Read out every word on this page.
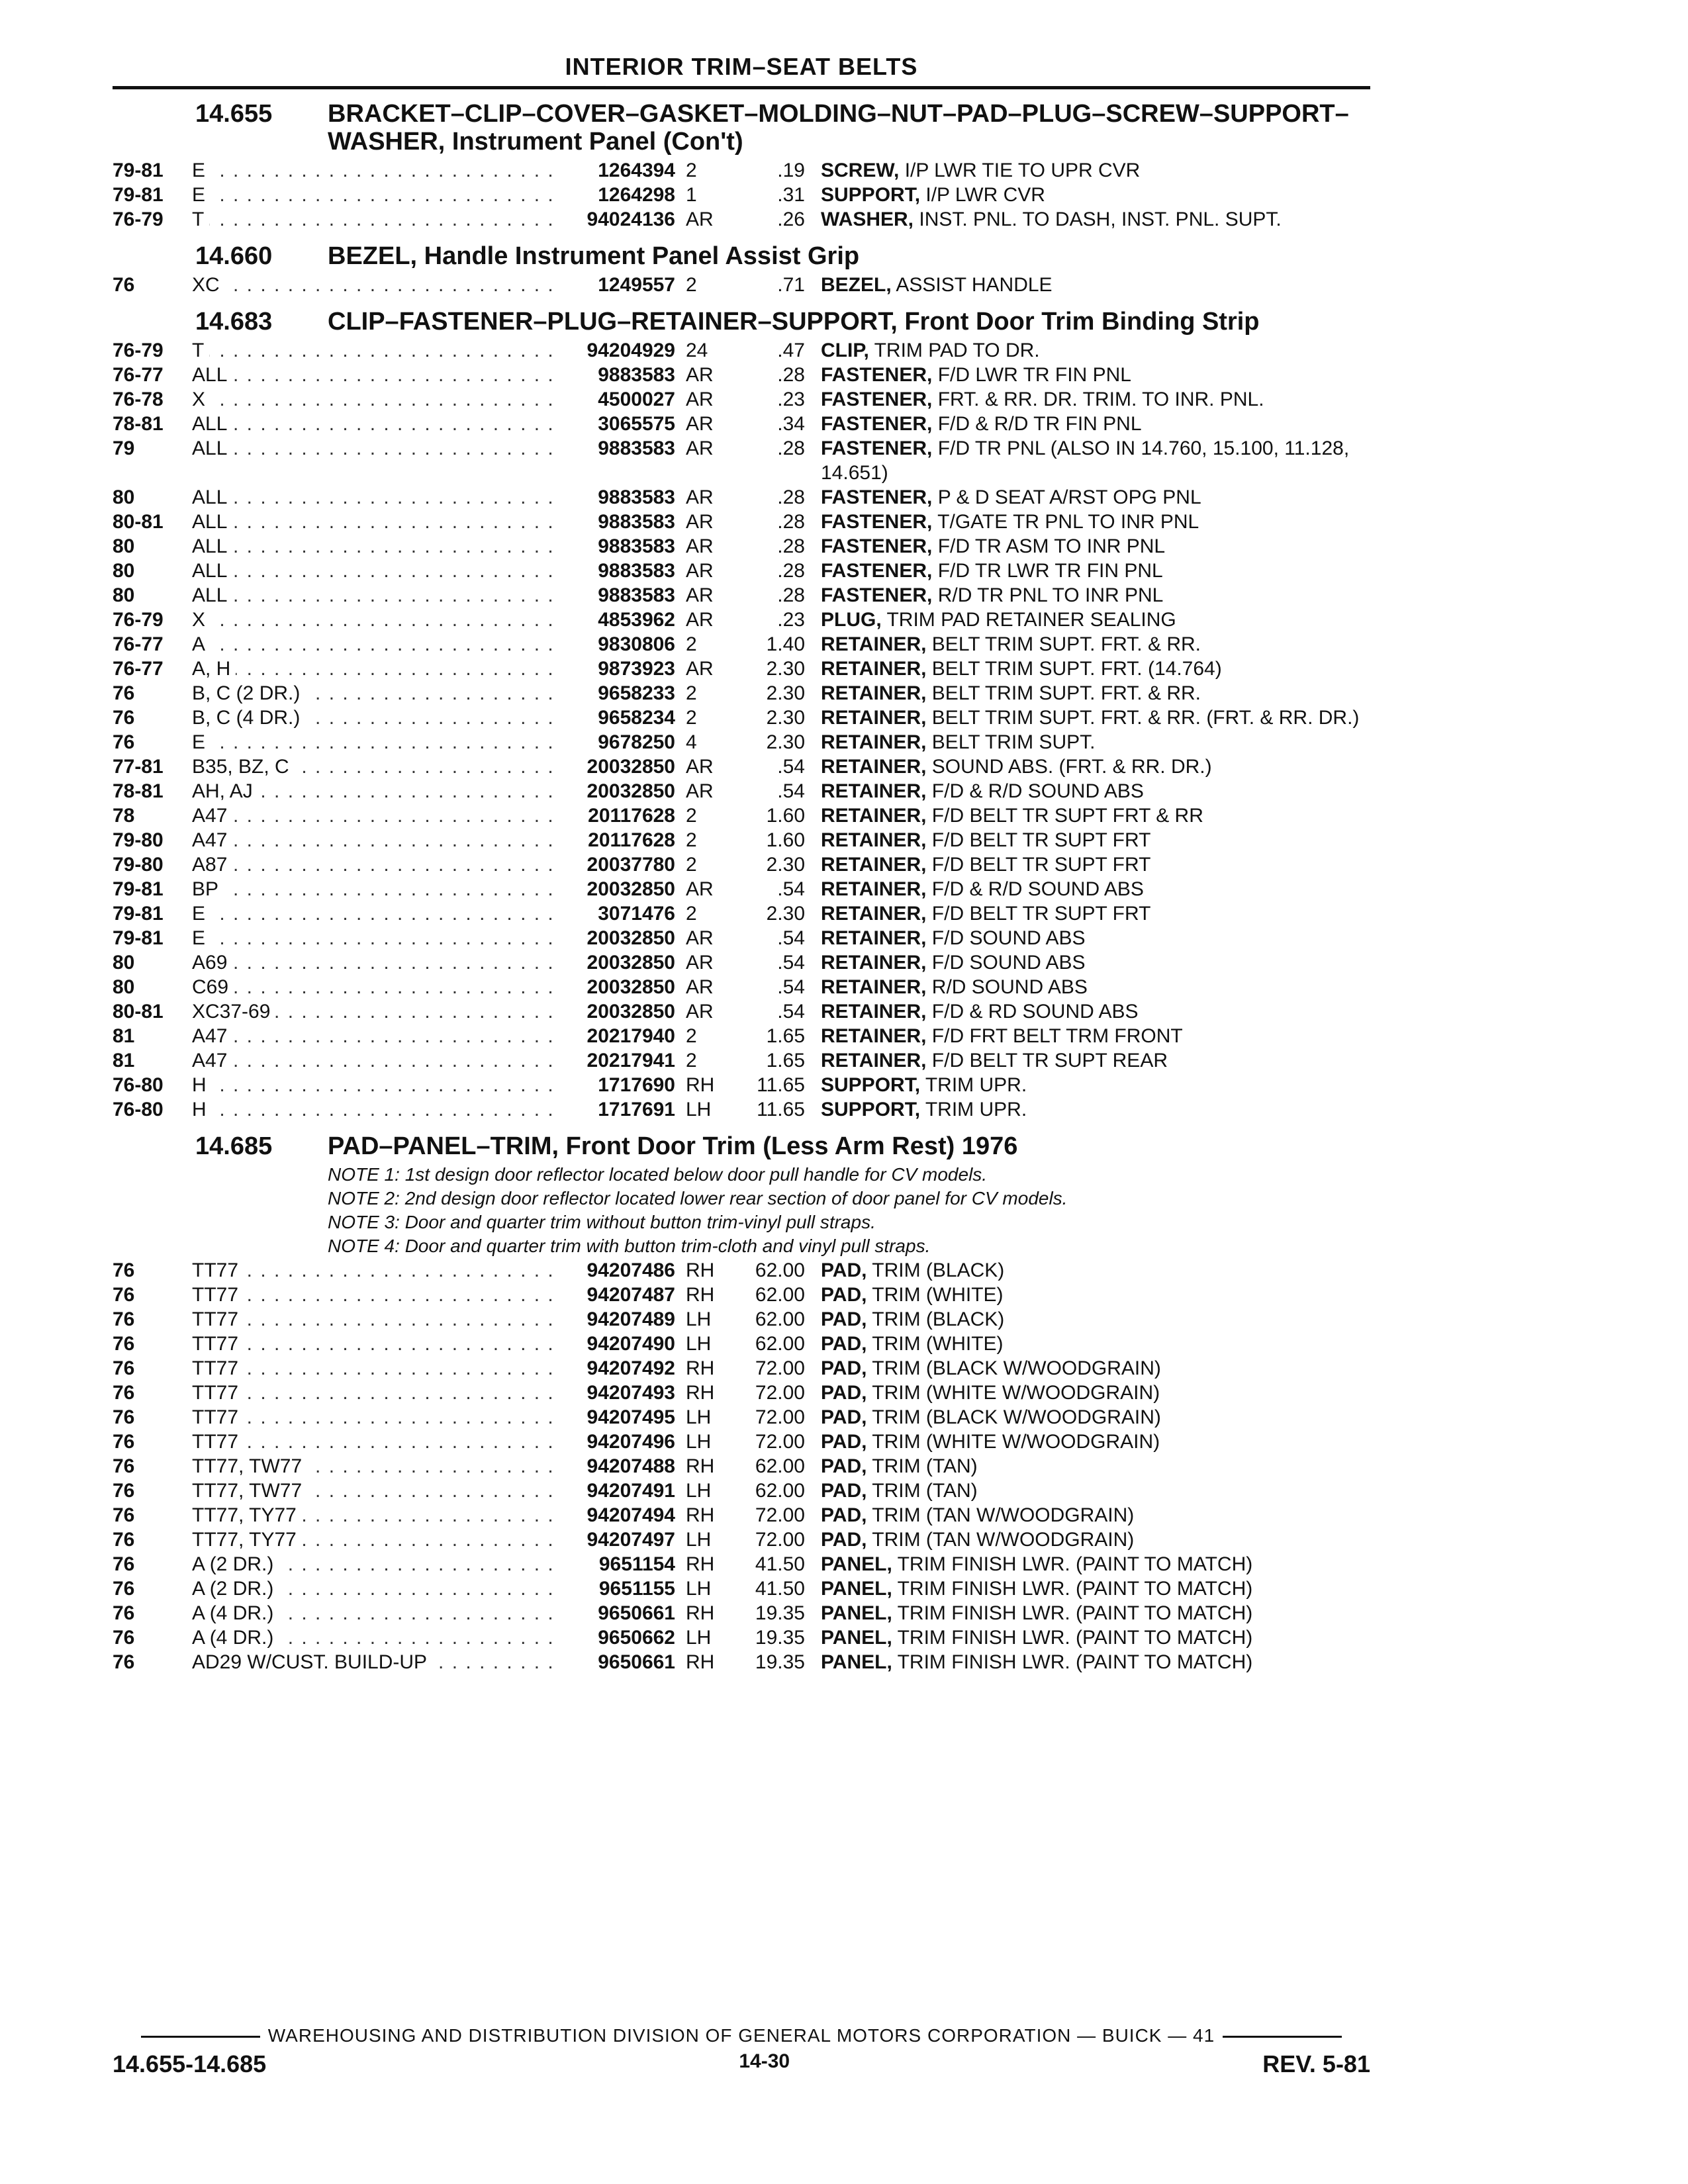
INTERIOR TRIM–SEAT BELTS
14.655	BRACKET–CLIP–COVER–GASKET–MOLDING–NUT–PAD–PLUG–SCREW–SUPPORT–WASHER, Instrument Panel (Con't)
79-81	E . . .	1264394 2	.19 SCREW, I/P LWR TIE TO UPR CVR
79-81	E . . .	1264298 1	.31 SUPPORT, I/P LWR CVR
76-79	T . . .	94024136 AR	.26 WASHER, INST. PNL. TO DASH, INST. PNL. SUPT.
14.660	BEZEL, Handle Instrument Panel Assist Grip
76	XC . . .	1249557 2	.71 BEZEL, ASSIST HANDLE
14.683	CLIP–FASTENER–PLUG–RETAINER–SUPPORT, Front Door Trim Binding Strip
76-79	T . . .	94204929 24	.47 CLIP, TRIM PAD TO DR.
76-77	ALL . . .	9883583 AR	.28 FASTENER, F/D LWR TR FIN PNL
76-78	X . . .	4500027 AR	.23 FASTENER, FRT. & RR. DR. TRIM. TO INR. PNL.
78-81	ALL . . .	3065575 AR	.34 FASTENER, F/D & R/D TR FIN PNL
79	ALL . . .	9883583 AR	.28 FASTENER, F/D TR PNL (ALSO IN 14.760, 15.100, 11.128, 14.651)
80	ALL . . .	9883583 AR	.28 FASTENER, P & D SEAT A/RST OPG PNL
80-81	ALL . . .	9883583 AR	.28 FASTENER, T/GATE TR PNL TO INR PNL
80	ALL . . .	9883583 AR	.28 FASTENER, F/D TR ASM TO INR PNL
80	ALL . . .	9883583 AR	.28 FASTENER, F/D TR LWR TR FIN PNL
80	ALL . . .	9883583 AR	.28 FASTENER, R/D TR PNL TO INR PNL
76-79	X . . .	4853962 AR	.23 PLUG, TRIM PAD RETAINER SEALING
76-77	A . . .	9830806 2	1.40 RETAINER, BELT TRIM SUPT. FRT. & RR.
76-77	A, H . . .	9873923 AR	2.30 RETAINER, BELT TRIM SUPT. FRT. (14.764)
76	B, C (2 DR.) . . .	9658233 2	2.30 RETAINER, BELT TRIM SUPT. FRT. & RR.
76	B, C (4 DR.) . . .	9658234 2	2.30 RETAINER, BELT TRIM SUPT. FRT. & RR. (FRT. & RR. DR.)
76	E . . .	9678250 4	2.30 RETAINER, BELT TRIM SUPT.
77-81	B35, BZ, C . . .	20032850 AR	.54 RETAINER, SOUND ABS. (FRT. & RR. DR.)
78-81	AH, AJ . . .	20032850 AR	.54 RETAINER, F/D & R/D SOUND ABS
78	A47 . . .	20117628 2	1.60 RETAINER, F/D BELT TR SUPT FRT & RR
79-80	A47 . . .	20117628 2	1.60 RETAINER, F/D BELT TR SUPT FRT
79-80	A87 . . .	20037780 2	2.30 RETAINER, F/D BELT TR SUPT FRT
79-81	BP . . .	20032850 AR	.54 RETAINER, F/D & R/D SOUND ABS
79-81	E . . .	3071476 2	2.30 RETAINER, F/D BELT TR SUPT FRT
79-81	E . . .	20032850 AR	.54 RETAINER, F/D SOUND ABS
80	A69 . . .	20032850 AR	.54 RETAINER, F/D SOUND ABS
80	C69 . . .	20032850 AR	.54 RETAINER, R/D SOUND ABS
80-81	XC37-69 . . .	20032850 AR	.54 RETAINER, F/D & RD SOUND ABS
81	A47 . . .	20217940 2	1.65 RETAINER, F/D FRT BELT TRM FRONT
81	A47 . . .	20217941 2	1.65 RETAINER, F/D BELT TR SUPT REAR
76-80	H . . .	1717690 RH	11.65 SUPPORT, TRIM UPR.
76-80	H . . .	1717691 LH	11.65 SUPPORT, TRIM UPR.
14.685	PAD–PANEL–TRIM, Front Door Trim (Less Arm Rest) 1976
NOTE 1: 1st design door reflector located below door pull handle for CV models.
NOTE 2: 2nd design door reflector located lower rear section of door panel for CV models.
NOTE 3: Door and quarter trim without button trim-vinyl pull straps.
NOTE 4: Door and quarter trim with button trim-cloth and vinyl pull straps.
76	TT77 . . .	94207486 RH	62.00 PAD, TRIM (BLACK)
76	TT77 . . .	94207487 RH	62.00 PAD, TRIM (WHITE)
76	TT77 . . .	94207489 LH	62.00 PAD, TRIM (BLACK)
76	TT77 . . .	94207490 LH	62.00 PAD, TRIM (WHITE)
76	TT77 . . .	94207492 RH	72.00 PAD, TRIM (BLACK W/WOODGRAIN)
76	TT77 . . .	94207493 RH	72.00 PAD, TRIM (WHITE W/WOODGRAIN)
76	TT77 . . .	94207495 LH	72.00 PAD, TRIM (BLACK W/WOODGRAIN)
76	TT77 . . .	94207496 LH	72.00 PAD, TRIM (WHITE W/WOODGRAIN)
76	TT77, TW77 . . .	94207488 RH	62.00 PAD, TRIM (TAN)
76	TT77, TW77 . . .	94207491 LH	62.00 PAD, TRIM (TAN)
76	TT77, TY77 . . .	94207494 RH	72.00 PAD, TRIM (TAN W/WOODGRAIN)
76	TT77, TY77 . . .	94207497 LH	72.00 PAD, TRIM (TAN W/WOODGRAIN)
76	A (2 DR.) . . .	9651154 RH	41.50 PANEL, TRIM FINISH LWR. (PAINT TO MATCH)
76	A (2 DR.) . . .	9651155 LH	41.50 PANEL, TRIM FINISH LWR. (PAINT TO MATCH)
76	A (4 DR.) . . .	9650661 RH	19.35 PANEL, TRIM FINISH LWR. (PAINT TO MATCH)
76	A (4 DR.) . . .	9650662 LH	19.35 PANEL, TRIM FINISH LWR. (PAINT TO MATCH)
76	AD29 W/CUST. BUILD-UP . . .	9650661 RH	19.35 PANEL, TRIM FINISH LWR. (PAINT TO MATCH)
WAREHOUSING AND DISTRIBUTION DIVISION OF GENERAL MOTORS CORPORATION — BUICK — 41
14.655-14.685	14-30	REV. 5-81
